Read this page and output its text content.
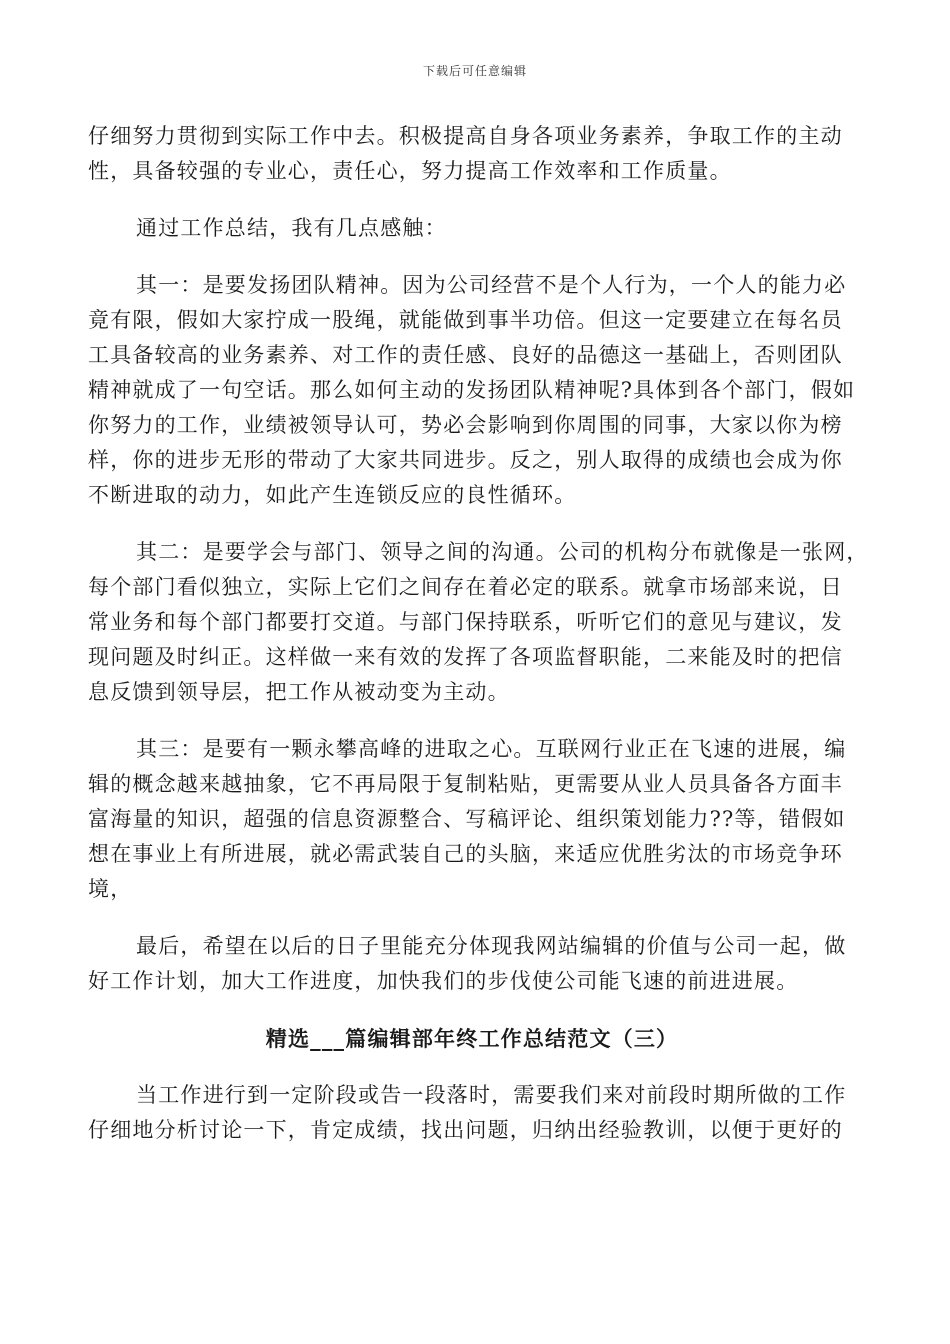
下载后可任意编辑

仔细努力贯彻到实际工作中去。积极提高自身各项业务素养，争取工作的主动
性，具备较强的专业心，责任心，努力提高工作效率和工作质量。

通过工作总结，我有几点感触：

其一：是要发扬团队精神。因为公司经营不是个人行为，一个人的能力必
竟有限，假如大家拧成一股绳，就能做到事半功倍。但这一定要建立在每名员
工具备较高的业务素养、对工作的责任感、良好的品德这一基础上，否则团队
精神就成了一句空话。那么如何主动的发扬团队精神呢?具体到各个部门，假如
你努力的工作，业绩被领导认可，势必会影响到你周围的同事，大家以你为榜
样，你的进步无形的带动了大家共同进步。反之，别人取得的成绩也会成为你
不断进取的动力，如此产生连锁反应的良性循环。

其二：是要学会与部门、领导之间的沟通。公司的机构分布就像是一张网，
每个部门看似独立，实际上它们之间存在着必定的联系。就拿市场部来说，日
常业务和每个部门都要打交道。与部门保持联系，听听它们的意见与建议，发
现问题及时纠正。这样做一来有效的发挥了各项监督职能，二来能及时的把信
息反馈到领导层，把工作从被动变为主动。

其三：是要有一颗永攀高峰的进取之心。互联网行业正在飞速的进展，编
辑的概念越来越抽象，它不再局限于复制粘贴，更需要从业人员具备各方面丰
富海量的知识，超强的信息资源整合、写稿评论、组织策划能力??等，错假如
想在事业上有所进展，就必需武装自己的头脑，来适应优胜劣汰的市场竞争环
境，

最后，希望在以后的日子里能充分体现我网站编辑的价值与公司一起，做
好工作计划，加大工作进度，加快我们的步伐使公司能飞速的前进进展。

精选___篇编辑部年终工作总结范文（三）

当工作进行到一定阶段或告一段落时，需要我们来对前段时期所做的工作
仔细地分析讨论一下，肯定成绩，找出问题，归纳出经验教训，以便于更好的
